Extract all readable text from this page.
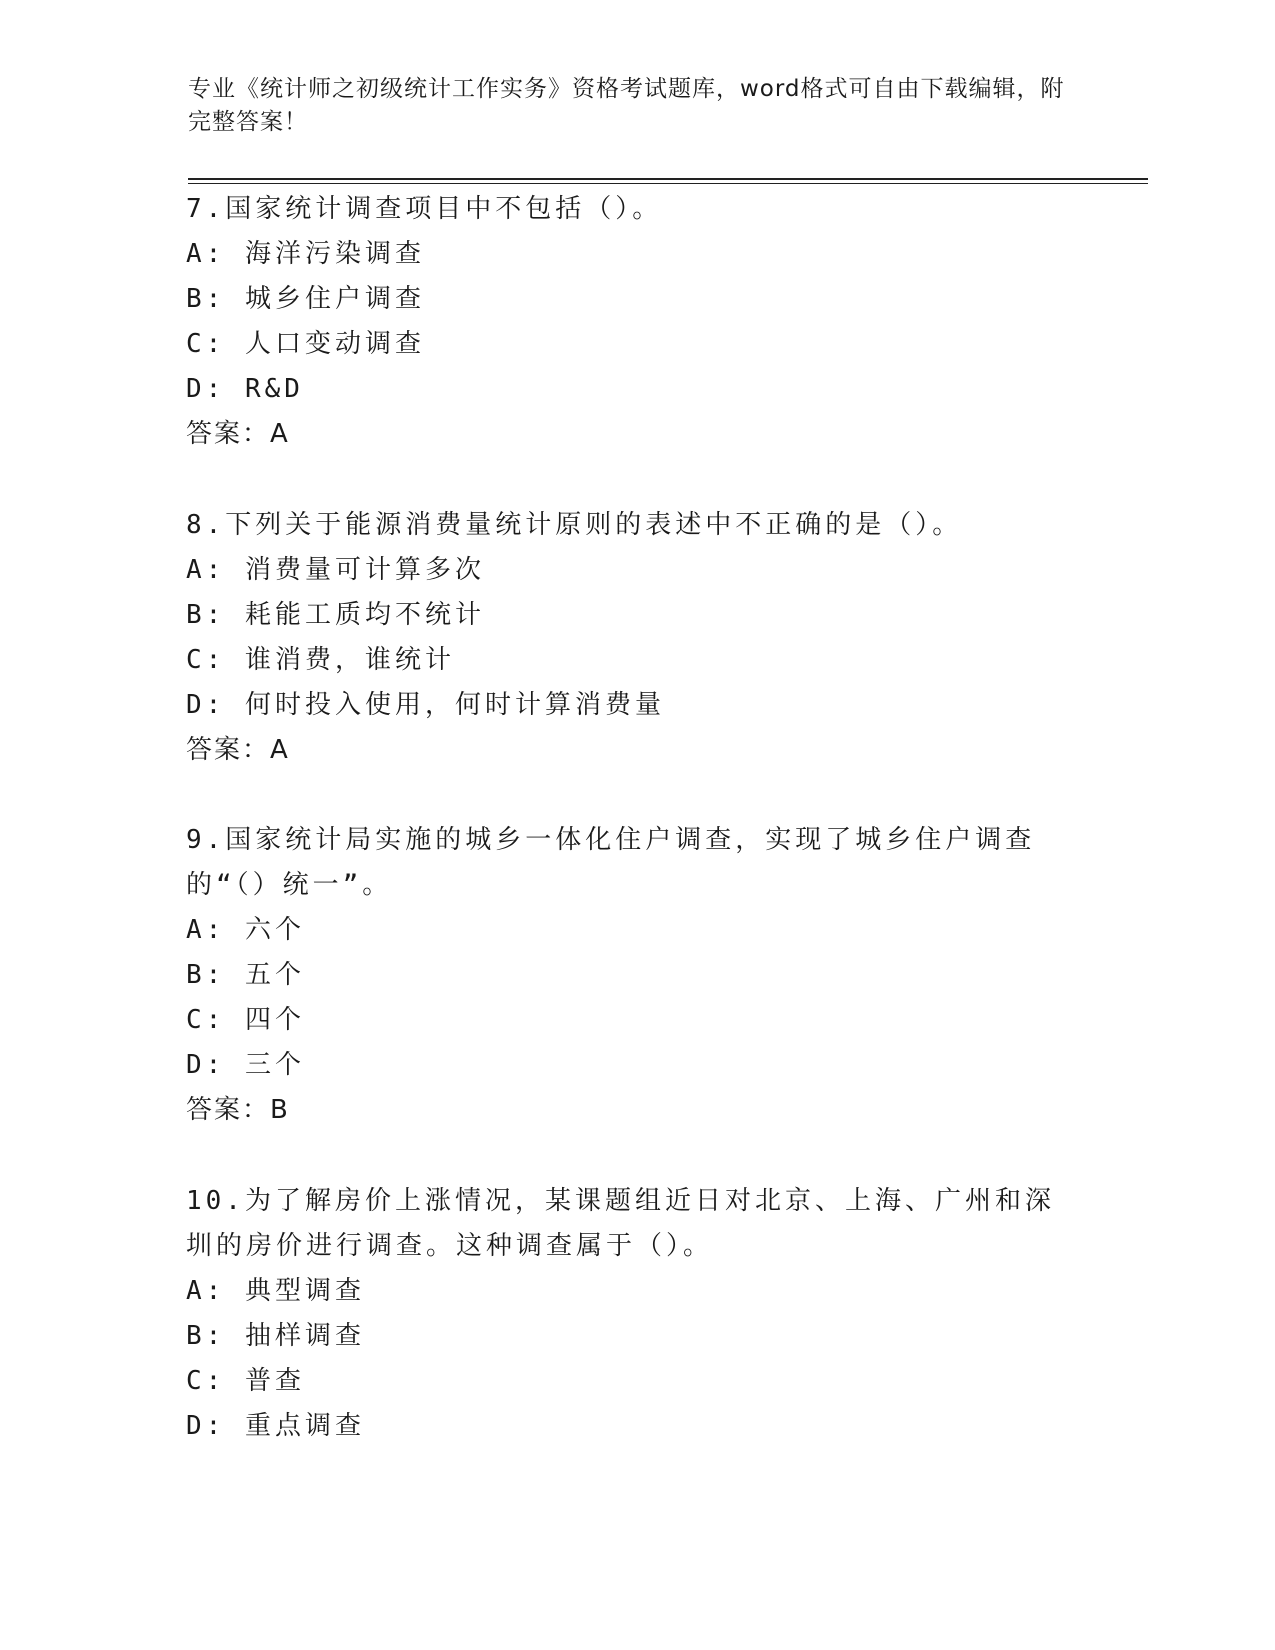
专业《统计师之初级统计工作实务》资格考试题库，word格式可自由下载编辑，附完整答案！
7.国家统计调查项目中不包括（）。
A: 海洋污染调查
B: 城乡住户调查
C: 人口变动调查
D: R&D
答案：A
8.下列关于能源消费量统计原则的表述中不正确的是（）。
A: 消费量可计算多次
B: 耗能工质均不统计
C: 谁消费，谁统计
D: 何时投入使用，何时计算消费量
答案：A
9.国家统计局实施的城乡一体化住户调查，实现了城乡住户调查的“（）统一”。
A: 六个
B: 五个
C: 四个
D: 三个
答案：B
10.为了解房价上涨情况，某课题组近日对北京、上海、广州和深圳的房价进行调查。这种调查属于（）。
A: 典型调查
B: 抽样调查
C: 普查
D: 重点调查
